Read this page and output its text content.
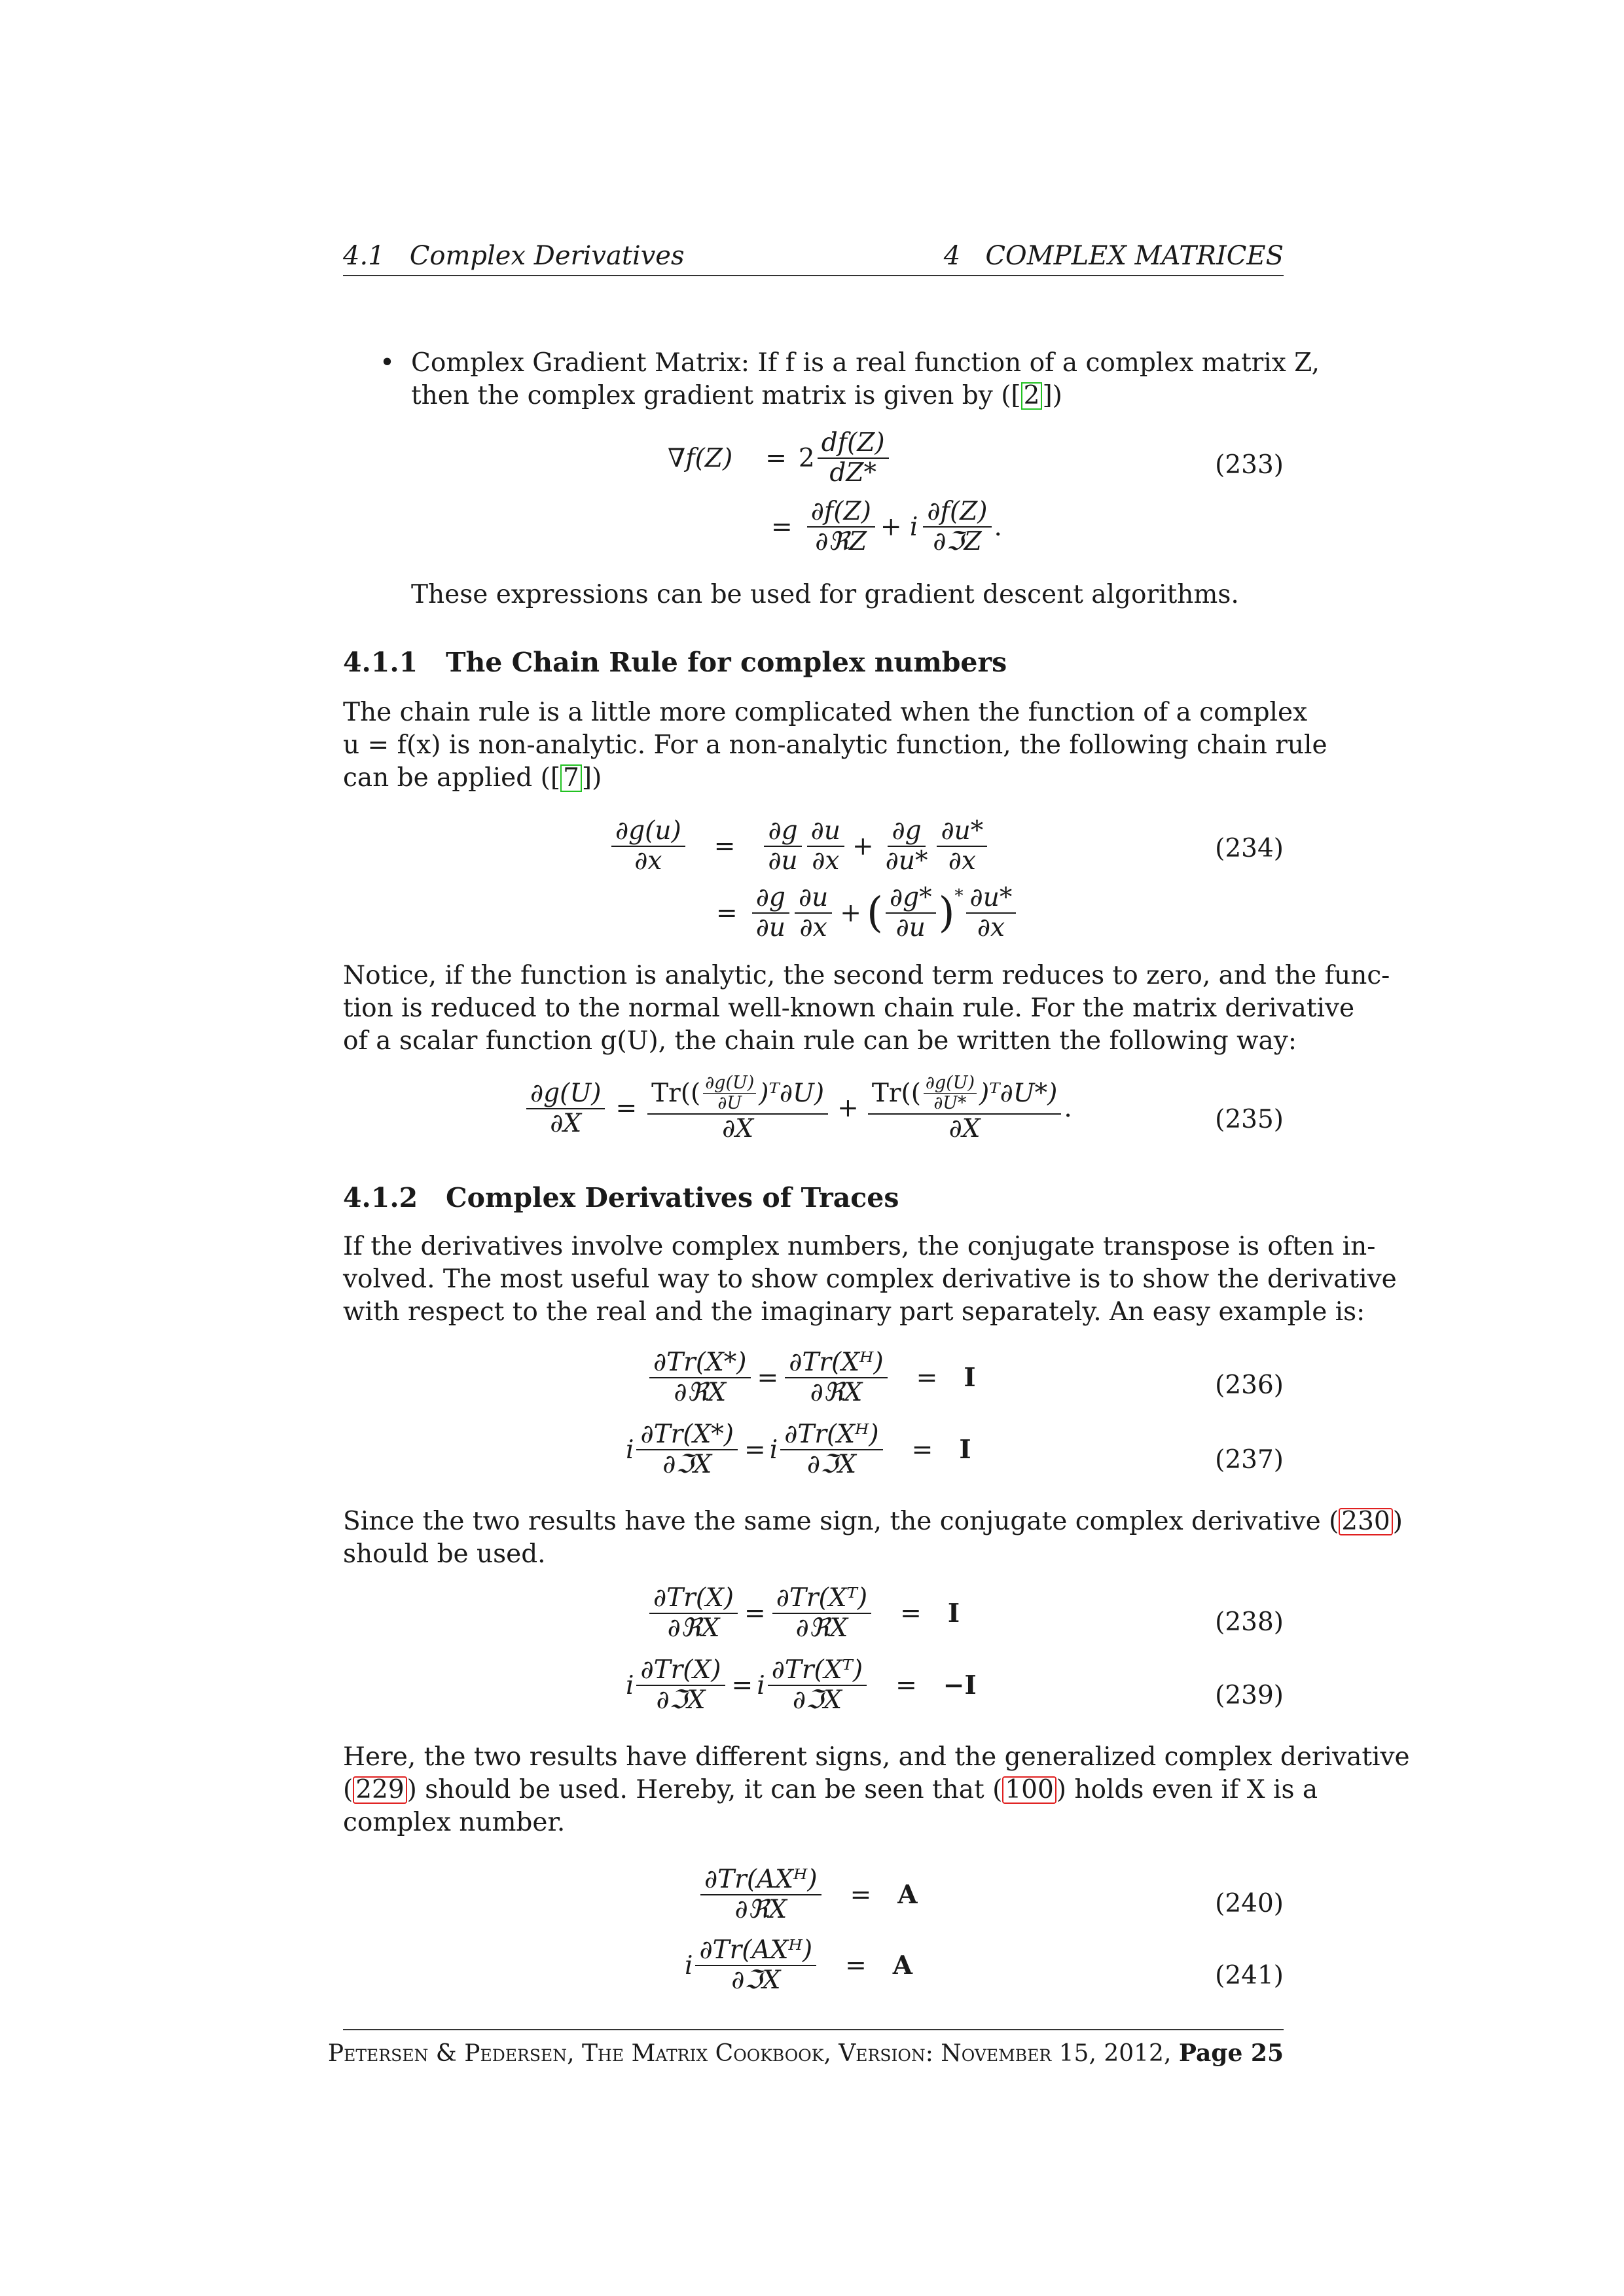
4.1 Complex Derivatives	4 COMPLEX MATRICES
• Complex Gradient Matrix: If f is a real function of a complex matrix Z,
then the complex gradient matrix is given by ([ 2 ])
$\nabla f(Z) = 2 \frac{df(Z)}{dZ*}$	(233)
= $\frac{\partial f(Z)}{\text{∂ℜZ}} + i \frac{\partial f(Z)}{\text{∂ℑZ}}$ .
These expressions can be used for gradient descent algorithms.
4.1.1 The Chain Rule for complex numbers
The chain rule is a little more complicated when the function of a complex
u = f(x) is non-analytic. For a non-analytic function, the following chain rule
can be applied ([ 7 ])
$\frac{\partial g(u)}{\partial x} = \frac{\partial g}{\partial u} \frac{\partial u}{\partial x} + \frac{\partial g}{\partial u*} \frac{\partial u*}{\partial x}$	(234)
= $\frac{\partial g}{\partial u} \frac{\partial u}{\partial x}$ + ( $\frac{\partial g*}{\partial u} )^* \frac{\partial u*}{\partial x}$
Notice, if the function is analytic, the second term reduces to zero, and the func-
tion is reduced to the normal well-known chain rule. For the matrix derivative
of a scalar function g(U), the chain rule can be written the following way:
$\frac{\partial g(U)}{\partial X} = \frac{Tr(( \frac{\partial g(U)}{\partial U} )ᵀ\partial U)}{\partial X} + \frac{Tr(( \frac{\partial g(U)}{\partial U*} )ᵀ\partial U*)}{\partial X}$ .	(235)
4.1.2 Complex Derivatives of Traces
If the derivatives involve complex numbers, the conjugate transpose is often in-
volved. The most useful way to show complex derivative is to show the derivative
with respect to the real and the imaginary part separately. An easy example is:
$\frac{\partial Tr(X*)}{\text{∂ℜX}} = \frac{\text{∂Tr(Xᴴ)}}{\text{∂ℜX}} = I$	(236)
i $\frac{\partial Tr(X*)}{\text{∂ℑX}} = i \frac{\text{∂Tr(Xᴴ)}}{\text{∂ℑX}} = I$	(237)
Since the two results have the same sign, the conjugate complex derivative ( 230 )
should be used.
$\frac{\partial Tr(X)}{\text{∂ℜX}} = \frac{\text{∂Tr(Xᵀ)}}{\text{∂ℜX}} = I$	(238)
i $\frac{\partial Tr(X)}{\text{∂ℑX}} = i \frac{\text{∂Tr(Xᵀ)}}{\text{∂ℑX}} = -I$	(239)
Here, the two results have different signs, and the generalized complex derivative
( 229 ) should be used. Hereby, it can be seen that ( 100 ) holds even if X is a
complex number.
$\frac{\text{∂Tr(AXᴴ)}}{\text{∂ℜX}} = A$	(240)
i $\frac{\text{∂Tr(AXᴴ)}}{\text{∂ℑX}} = A$	(241)
Petersen & Pedersen, The Matrix Cookbook, Version: November 15, 2012, Page 25
